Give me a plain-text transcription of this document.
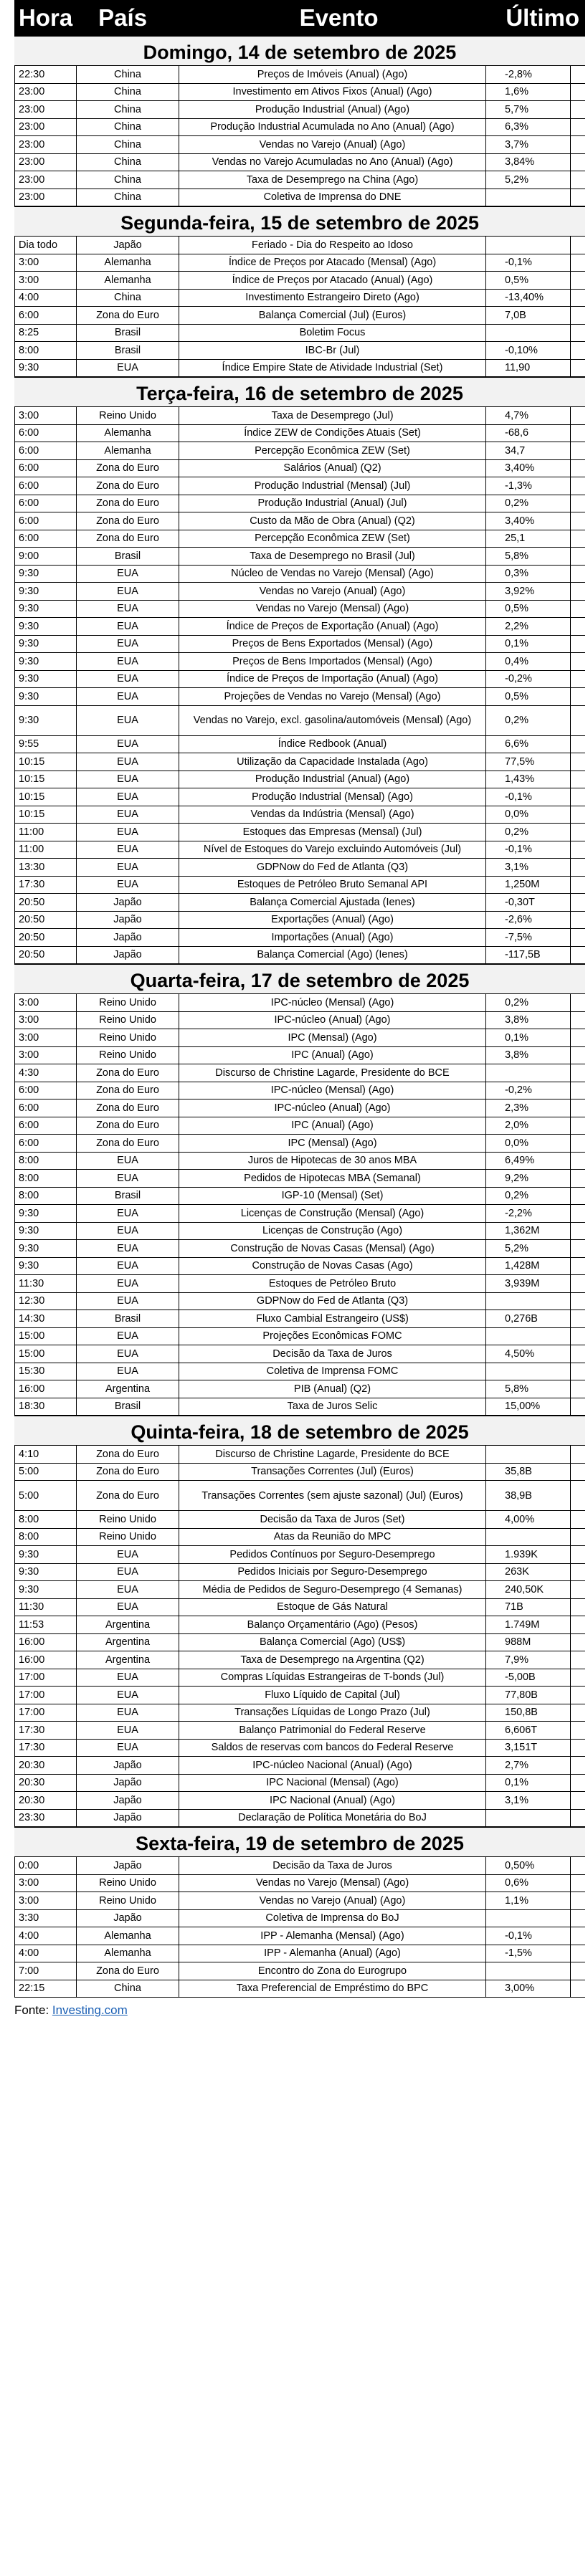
Hora	País	Evento	Último
Domingo, 14 de setembro de 2025
22:30	China	Preços de Imóveis (Anual) (Ago)	-2,8%
23:00	China	Investimento em Ativos Fixos (Anual) (Ago)	1,6%
23:00	China	Produção Industrial (Anual) (Ago)	5,7%
23:00	China	Produção Industrial Acumulada no Ano (Anual) (Ago)	6,3%
23:00	China	Vendas no Varejo (Anual) (Ago)	3,7%
23:00	China	Vendas no Varejo Acumuladas no Ano (Anual) (Ago)	3,84%
23:00	China	Taxa de Desemprego na China (Ago)	5,2%
23:00	China	Coletiva de Imprensa do DNE
Segunda-feira, 15 de setembro de 2025
Dia todo	Japão	Feriado - Dia do Respeito ao Idoso
3:00	Alemanha	Índice de Preços por Atacado (Mensal) (Ago)	-0,1%
3:00	Alemanha	Índice de Preços por Atacado (Anual) (Ago)	0,5%
4:00	China	Investimento Estrangeiro Direto (Ago)	-13,40%
6:00	Zona do Euro	Balança Comercial (Jul) (Euros)	7,0B
8:25	Brasil	Boletim Focus
8:00	Brasil	IBC-Br (Jul)	-0,10%
9:30	EUA	Índice Empire State de Atividade Industrial (Set)	11,90
Terça-feira, 16 de setembro de 2025
3:00	Reino Unido	Taxa de Desemprego (Jul)	4,7%
6:00	Alemanha	Índice ZEW de Condições Atuais (Set)	-68,6
6:00	Alemanha	Percepção Econômica ZEW (Set)	34,7
6:00	Zona do Euro	Salários (Anual) (Q2)	3,40%
6:00	Zona do Euro	Produção Industrial (Mensal) (Jul)	-1,3%
6:00	Zona do Euro	Produção Industrial (Anual) (Jul)	0,2%
6:00	Zona do Euro	Custo da Mão de Obra (Anual) (Q2)	3,40%
6:00	Zona do Euro	Percepção Econômica ZEW (Set)	25,1
9:00	Brasil	Taxa de Desemprego no Brasil (Jul)	5,8%
9:30	EUA	Núcleo de Vendas no Varejo (Mensal) (Ago)	0,3%
9:30	EUA	Vendas no Varejo (Anual) (Ago)	3,92%
9:30	EUA	Vendas no Varejo (Mensal) (Ago)	0,5%
9:30	EUA	Índice de Preços de Exportação (Anual) (Ago)	2,2%
9:30	EUA	Preços de Bens Exportados (Mensal) (Ago)	0,1%
9:30	EUA	Preços de Bens Importados (Mensal) (Ago)	0,4%
9:30	EUA	Índice de Preços de Importação (Anual) (Ago)	-0,2%
9:30	EUA	Projeções de Vendas no Varejo (Mensal) (Ago)	0,5%
9:30	EUA	Vendas no Varejo, excl. gasolina/automóveis (Mensal) (Ago)	0,2%
9:55	EUA	Índice Redbook (Anual)	6,6%
10:15	EUA	Utilização da Capacidade Instalada (Ago)	77,5%
10:15	EUA	Produção Industrial (Anual) (Ago)	1,43%
10:15	EUA	Produção Industrial (Mensal) (Ago)	-0,1%
10:15	EUA	Vendas da Indústria (Mensal) (Ago)	0,0%
11:00	EUA	Estoques das Empresas (Mensal) (Jul)	0,2%
11:00	EUA	Nível de Estoques do Varejo excluindo Automóveis (Jul)	-0,1%
13:30	EUA	GDPNow do Fed de Atlanta (Q3)	3,1%
17:30	EUA	Estoques de Petróleo Bruto Semanal API	1,250M
20:50	Japão	Balança Comercial Ajustada (Ienes)	-0,30T
20:50	Japão	Exportações (Anual) (Ago)	-2,6%
20:50	Japão	Importações (Anual) (Ago)	-7,5%
20:50	Japão	Balança Comercial (Ago) (Ienes)	-117,5B
Quarta-feira, 17 de setembro de 2025
3:00	Reino Unido	IPC-núcleo (Mensal) (Ago)	0,2%
3:00	Reino Unido	IPC-núcleo (Anual) (Ago)	3,8%
3:00	Reino Unido	IPC (Mensal) (Ago)	0,1%
3:00	Reino Unido	IPC (Anual) (Ago)	3,8%
4:30	Zona do Euro	Discurso de Christine Lagarde, Presidente do BCE
6:00	Zona do Euro	IPC-núcleo (Mensal) (Ago)	-0,2%
6:00	Zona do Euro	IPC-núcleo (Anual) (Ago)	2,3%
6:00	Zona do Euro	IPC (Anual) (Ago)	2,0%
6:00	Zona do Euro	IPC (Mensal) (Ago)	0,0%
8:00	EUA	Juros de Hipotecas de 30 anos MBA	6,49%
8:00	EUA	Pedidos de Hipotecas MBA (Semanal)	9,2%
8:00	Brasil	IGP-10 (Mensal) (Set)	0,2%
9:30	EUA	Licenças de Construção (Mensal) (Ago)	-2,2%
9:30	EUA	Licenças de Construção (Ago)	1,362M
9:30	EUA	Construção de Novas Casas (Mensal) (Ago)	5,2%
9:30	EUA	Construção de Novas Casas (Ago)	1,428M
11:30	EUA	Estoques de Petróleo Bruto	3,939M
12:30	EUA	GDPNow do Fed de Atlanta (Q3)
14:30	Brasil	Fluxo Cambial Estrangeiro (US$)	0,276B
15:00	EUA	Projeções Econômicas FOMC
15:00	EUA	Decisão da Taxa de Juros	4,50%
15:30	EUA	Coletiva de Imprensa FOMC
16:00	Argentina	PIB (Anual) (Q2)	5,8%
18:30	Brasil	Taxa de Juros Selic	15,00%
Quinta-feira, 18 de setembro de 2025
4:10	Zona do Euro	Discurso de Christine Lagarde, Presidente do BCE
5:00	Zona do Euro	Transações Correntes (Jul) (Euros)	35,8B
5:00	Zona do Euro	Transações Correntes (sem ajuste sazonal) (Jul) (Euros)	38,9B
8:00	Reino Unido	Decisão da Taxa de Juros (Set)	4,00%
8:00	Reino Unido	Atas da Reunião do MPC
9:30	EUA	Pedidos Contínuos por Seguro-Desemprego	1.939K
9:30	EUA	Pedidos Iniciais por Seguro-Desemprego	263K
9:30	EUA	Média de Pedidos de Seguro-Desemprego (4 Semanas)	240,50K
11:30	EUA	Estoque de Gás Natural	71B
11:53	Argentina	Balanço Orçamentário (Ago) (Pesos)	1.749M
16:00	Argentina	Balança Comercial (Ago) (US$)	988M
16:00	Argentina	Taxa de Desemprego na Argentina (Q2)	7,9%
17:00	EUA	Compras Líquidas Estrangeiras de T-bonds (Jul)	-5,00B
17:00	EUA	Fluxo Líquido de Capital (Jul)	77,80B
17:00	EUA	Transações Líquidas de Longo Prazo (Jul)	150,8B
17:30	EUA	Balanço Patrimonial do Federal Reserve	6,606T
17:30	EUA	Saldos de reservas com bancos do Federal Reserve	3,151T
20:30	Japão	IPC-núcleo Nacional (Anual) (Ago)	2,7%
20:30	Japão	IPC Nacional (Mensal) (Ago)	0,1%
20:30	Japão	IPC Nacional (Anual) (Ago)	3,1%
23:30	Japão	Declaração de Política Monetária do BoJ
Sexta-feira, 19 de setembro de 2025
0:00	Japão	Decisão da Taxa de Juros	0,50%
3:00	Reino Unido	Vendas no Varejo (Mensal) (Ago)	0,6%
3:00	Reino Unido	Vendas no Varejo (Anual) (Ago)	1,1%
3:30	Japão	Coletiva de Imprensa do BoJ
4:00	Alemanha	IPP - Alemanha (Mensal) (Ago)	-0,1%
4:00	Alemanha	IPP - Alemanha (Anual) (Ago)	-1,5%
7:00	Zona do Euro	Encontro do Zona do Eurogrupo
22:15	China	Taxa Preferencial de Empréstimo do BPC	3,00%
Fonte: Investing.com
